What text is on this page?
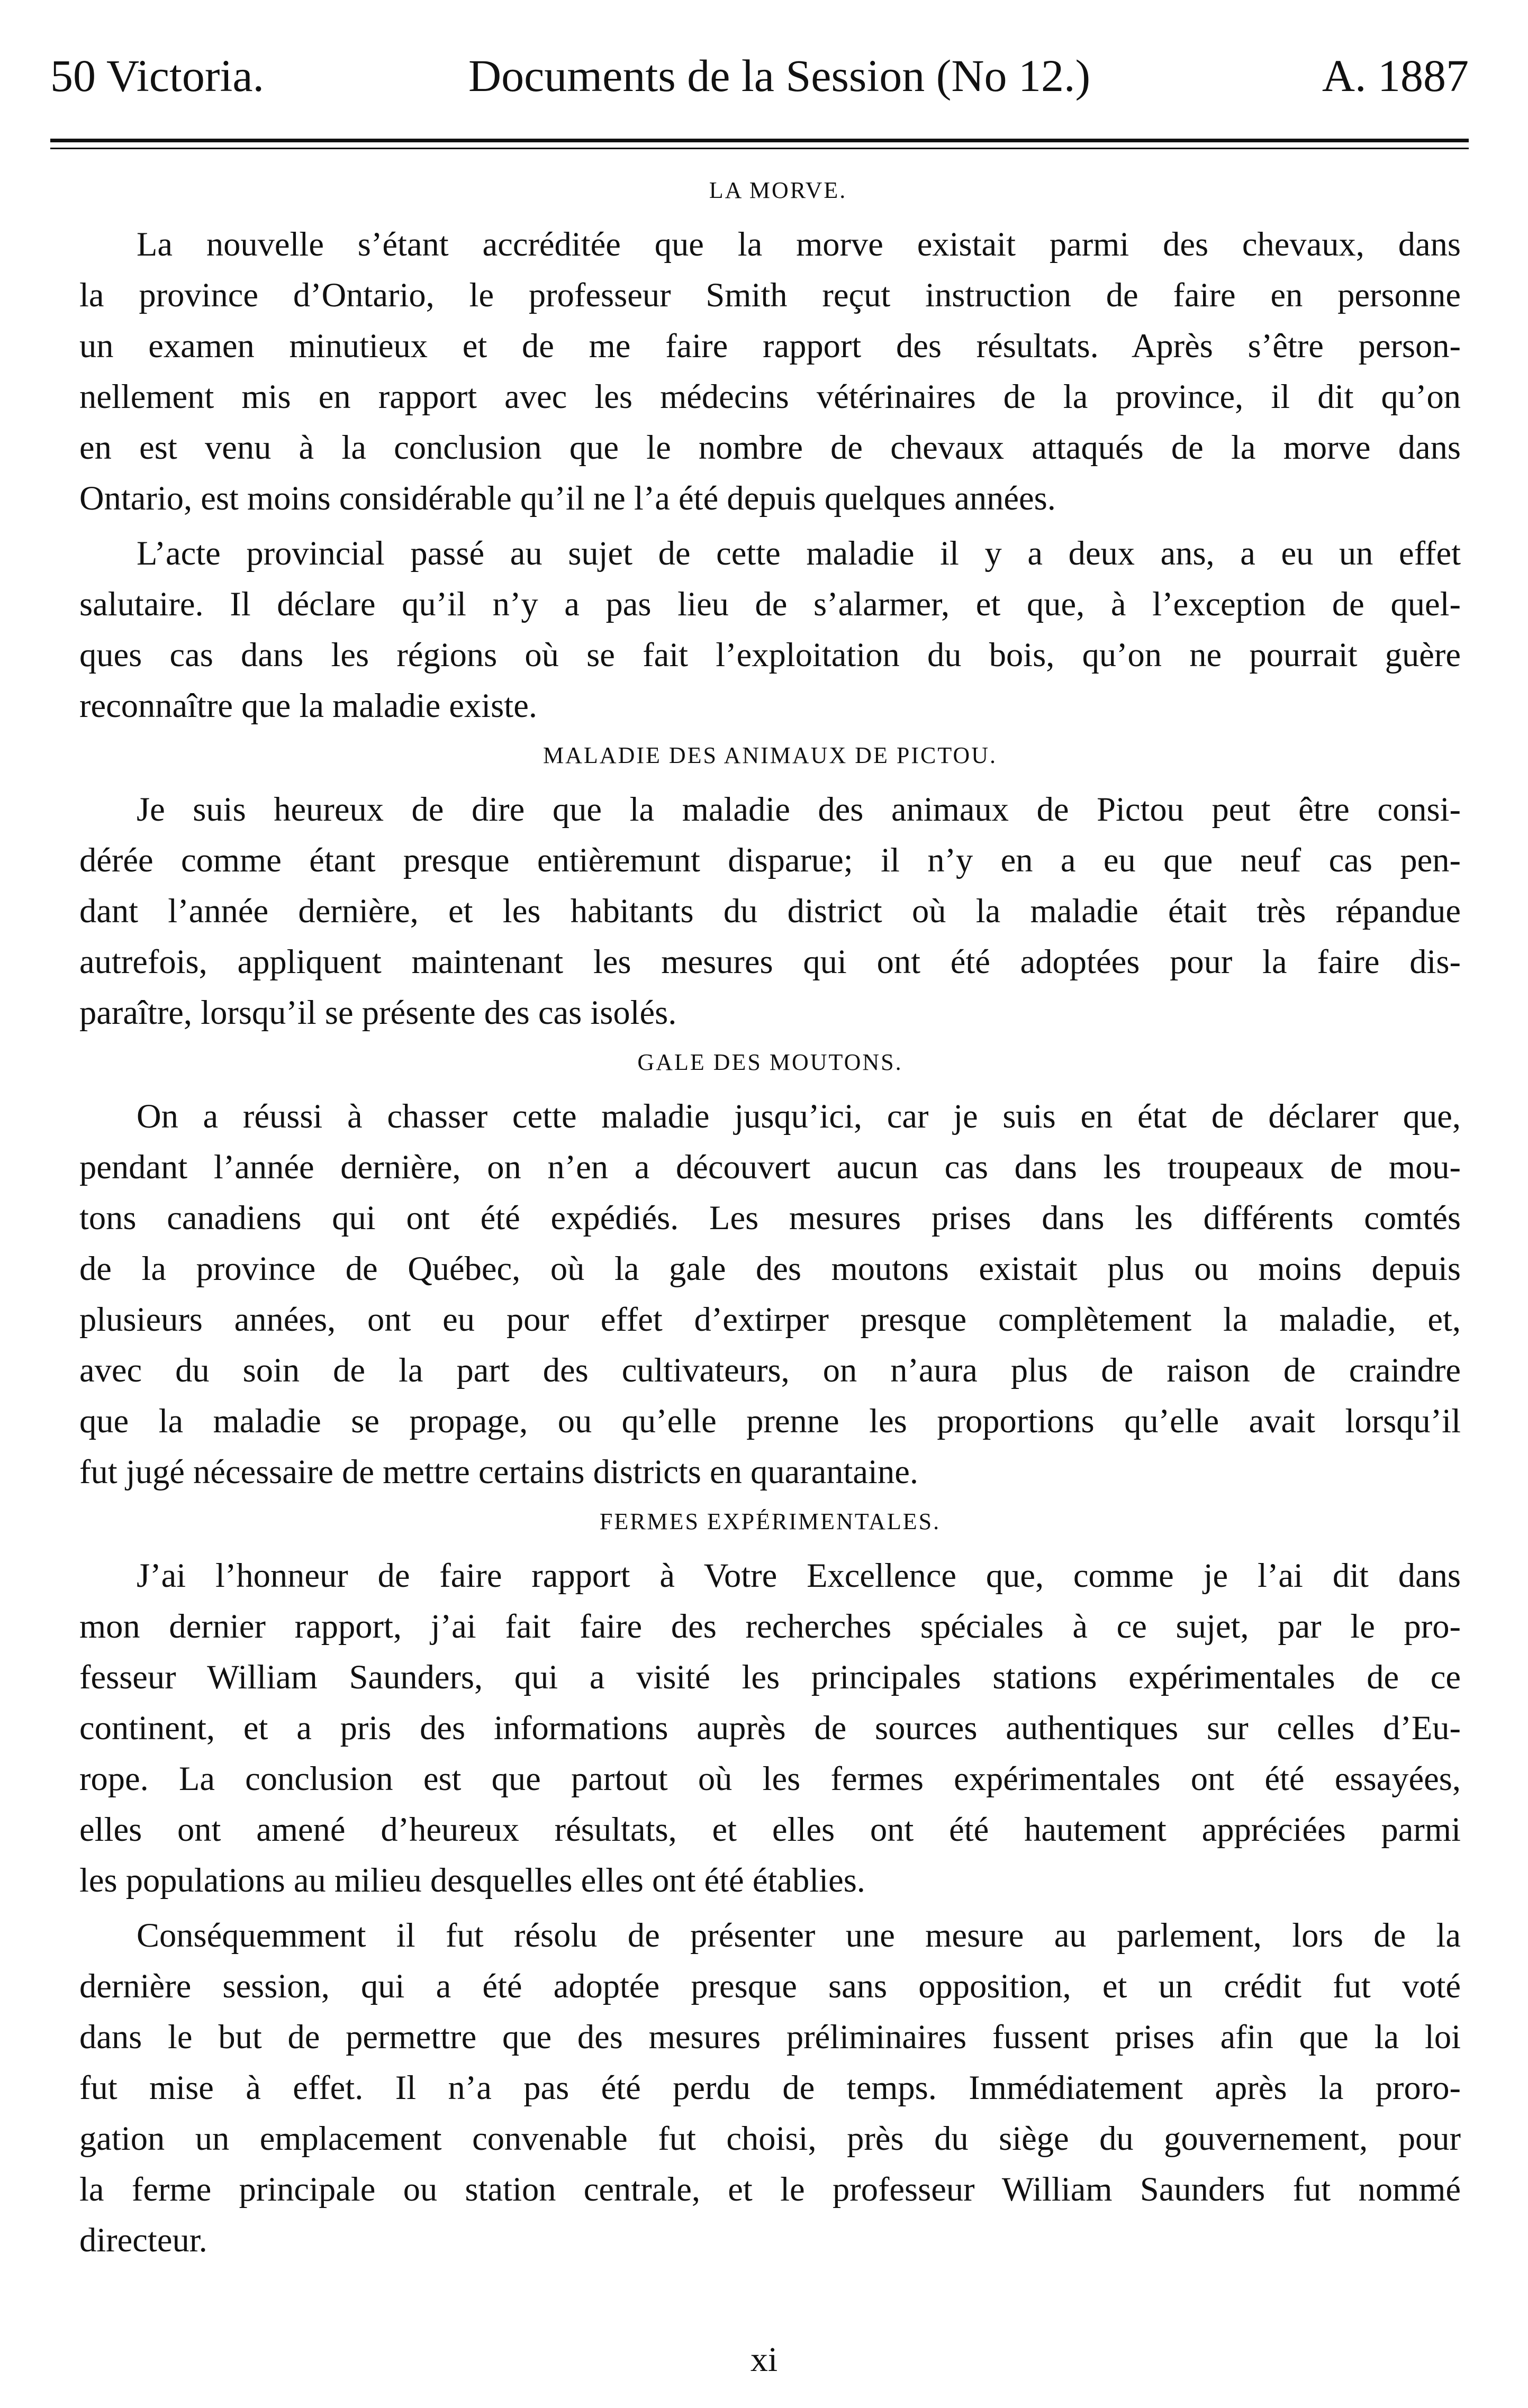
50 Victoria.	Documents de la Session (No 12.)	A. 1887
LA MORVE.
La nouvelle s’étant accréditée que la morve existait parmi des chevaux, dans
la province d’Ontario, le professeur Smith reçut instruction de faire en personne
un examen minutieux et de me faire rapport des résultats. Après s’être person-
nellement mis en rapport avec les médecins vétérinaires de la province, il dit qu’on
en est venu à la conclusion que le nombre de chevaux attaqués de la morve dans
Ontario, est moins considérable qu’il ne l’a été depuis quelques années.
L’acte provincial passé au sujet de cette maladie il y a deux ans, a eu un effet
salutaire. Il déclare qu’il n’y a pas lieu de s’alarmer, et que, à l’exception de quel-
ques cas dans les régions où se fait l’exploitation du bois, qu’on ne pourrait guère
reconnaître que la maladie existe.
MALADIE DES ANIMAUX DE PICTOU.
Je suis heureux de dire que la maladie des animaux de Pictou peut être consi-
dérée comme étant presque entièremunt disparue; il n’y en a eu que neuf cas pen-
dant l’année dernière, et les habitants du district où la maladie était très répandue
autrefois, appliquent maintenant les mesures qui ont été adoptées pour la faire dis-
paraître, lorsqu’il se présente des cas isolés.
GALE DES MOUTONS.
On a réussi à chasser cette maladie jusqu’ici, car je suis en état de déclarer que,
pendant l’année dernière, on n’en a découvert aucun cas dans les troupeaux de mou-
tons canadiens qui ont été expédiés. Les mesures prises dans les différents comtés
de la province de Québec, où la gale des moutons existait plus ou moins depuis
plusieurs années, ont eu pour effet d’extirper presque complètement la maladie, et,
avec du soin de la part des cultivateurs, on n’aura plus de raison de craindre
que la maladie se propage, ou qu’elle prenne les proportions qu’elle avait lorsqu’il
fut jugé nécessaire de mettre certains districts en quarantaine.
FERMES EXPÉRIMENTALES.
J’ai l’honneur de faire rapport à Votre Excellence que, comme je l’ai dit dans
mon dernier rapport, j’ai fait faire des recherches spéciales à ce sujet, par le pro-
fesseur William Saunders, qui a visité les principales stations expérimentales de ce
continent, et a pris des informations auprès de sources authentiques sur celles d’Eu-
rope. La conclusion est que partout où les fermes expérimentales ont été essayées,
elles ont amené d’heureux résultats, et elles ont été hautement appréciées parmi
les populations au milieu desquelles elles ont été établies.
Conséquemment il fut résolu de présenter une mesure au parlement, lors de la
dernière session, qui a été adoptée presque sans opposition, et un crédit fut voté
dans le but de permettre que des mesures préliminaires fussent prises afin que la loi
fut mise à effet. Il n’a pas été perdu de temps. Immédiatement après la proro-
gation un emplacement convenable fut choisi, près du siège du gouvernement, pour
la ferme principale ou station centrale, et le professeur William Saunders fut nommé
directeur.
xi
